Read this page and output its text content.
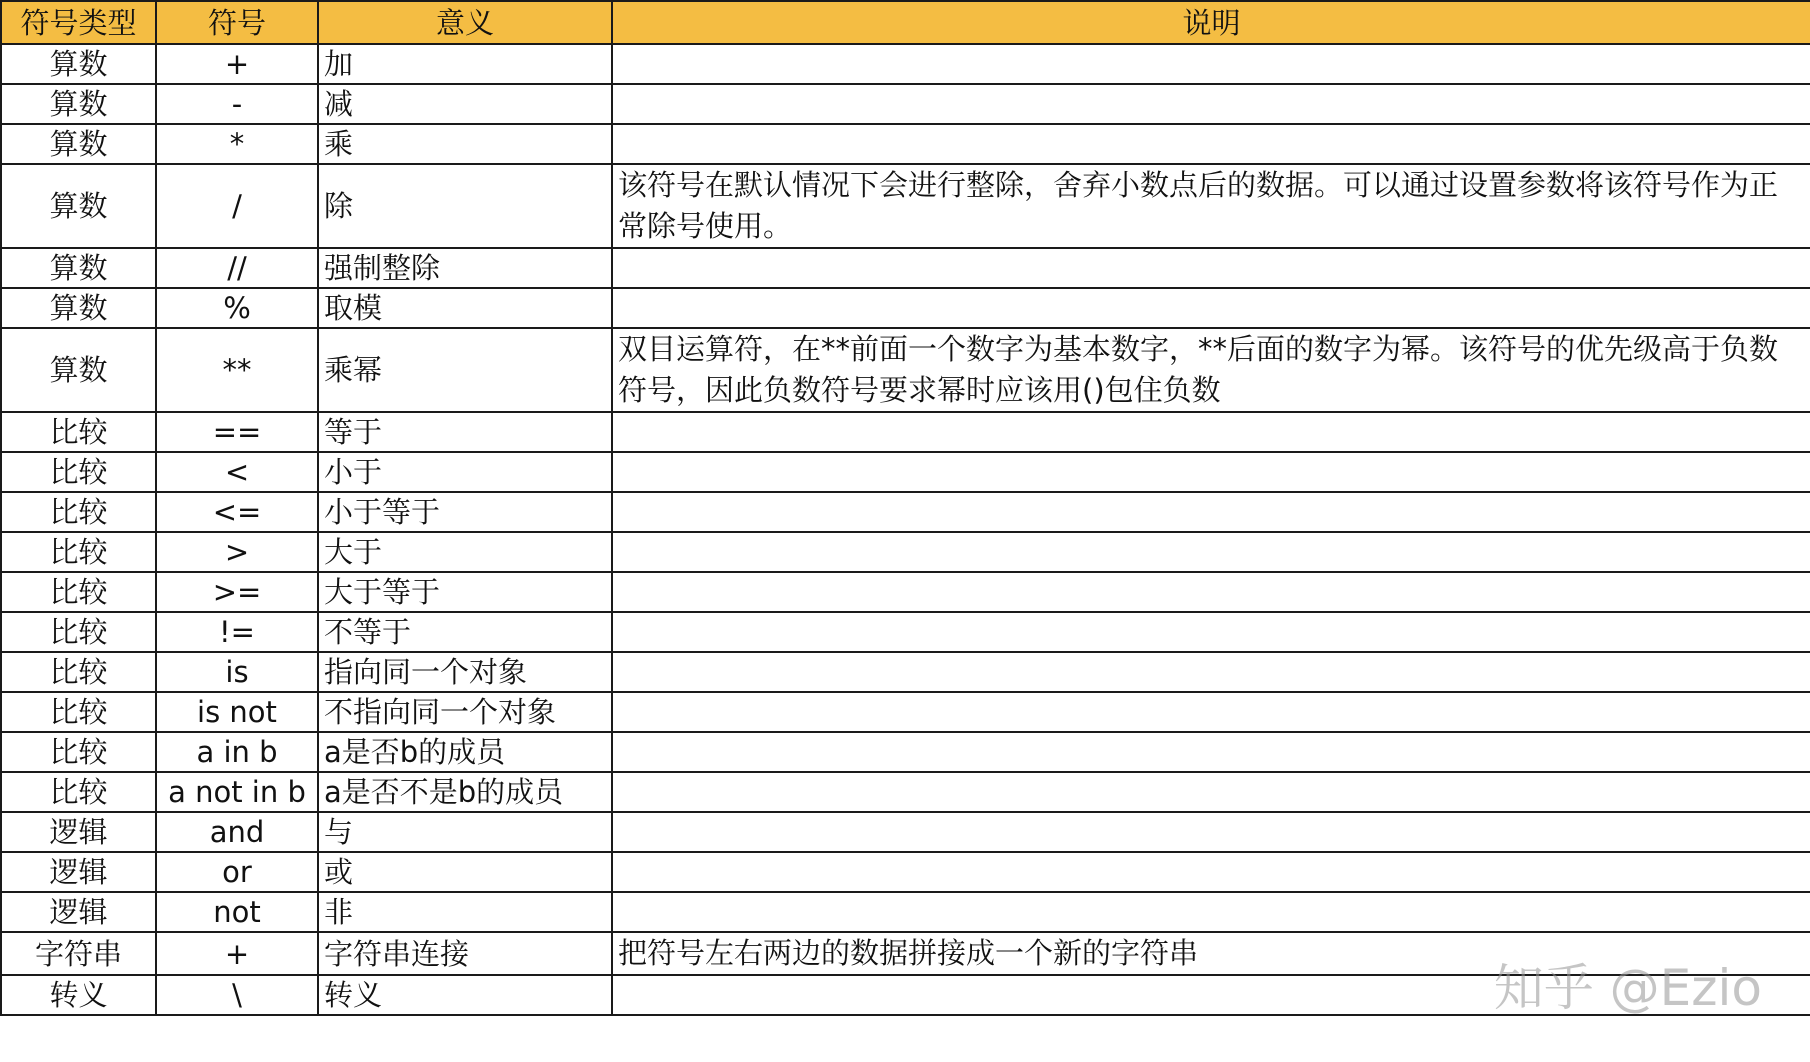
符号类型	符号	意义	说明
算数	+	加	
算数	-	减	
算数	*	乘	
算数	/	除	该符号在默认情况下会进行整除，舍弃小数点后的数据。可以通过设置参数将该符号作为正常除号使用。
算数	//	强制整除	
算数	%	取模	
算数	**	乘幂	双目运算符，在**前面一个数字为基本数字，**后面的数字为幂。该符号的优先级高于负数符号，因此负数符号要求幂时应该用()包住负数
比较	==	等于	
比较	<	小于	
比较	<=	小于等于	
比较	>	大于	
比较	>=	大于等于	
比较	!=	不等于	
比较	is	指向同一个对象	
比较	is not	不指向同一个对象	
比较	a in b	a是否b的成员	
比较	a not in b	a是否不是b的成员	
逻辑	and	与	
逻辑	or	或	
逻辑	not	非	
字符串	+	字符串连接	把符号左右两边的数据拼接成一个新的字符串
转义	\	转义		知乎 @Ezio
